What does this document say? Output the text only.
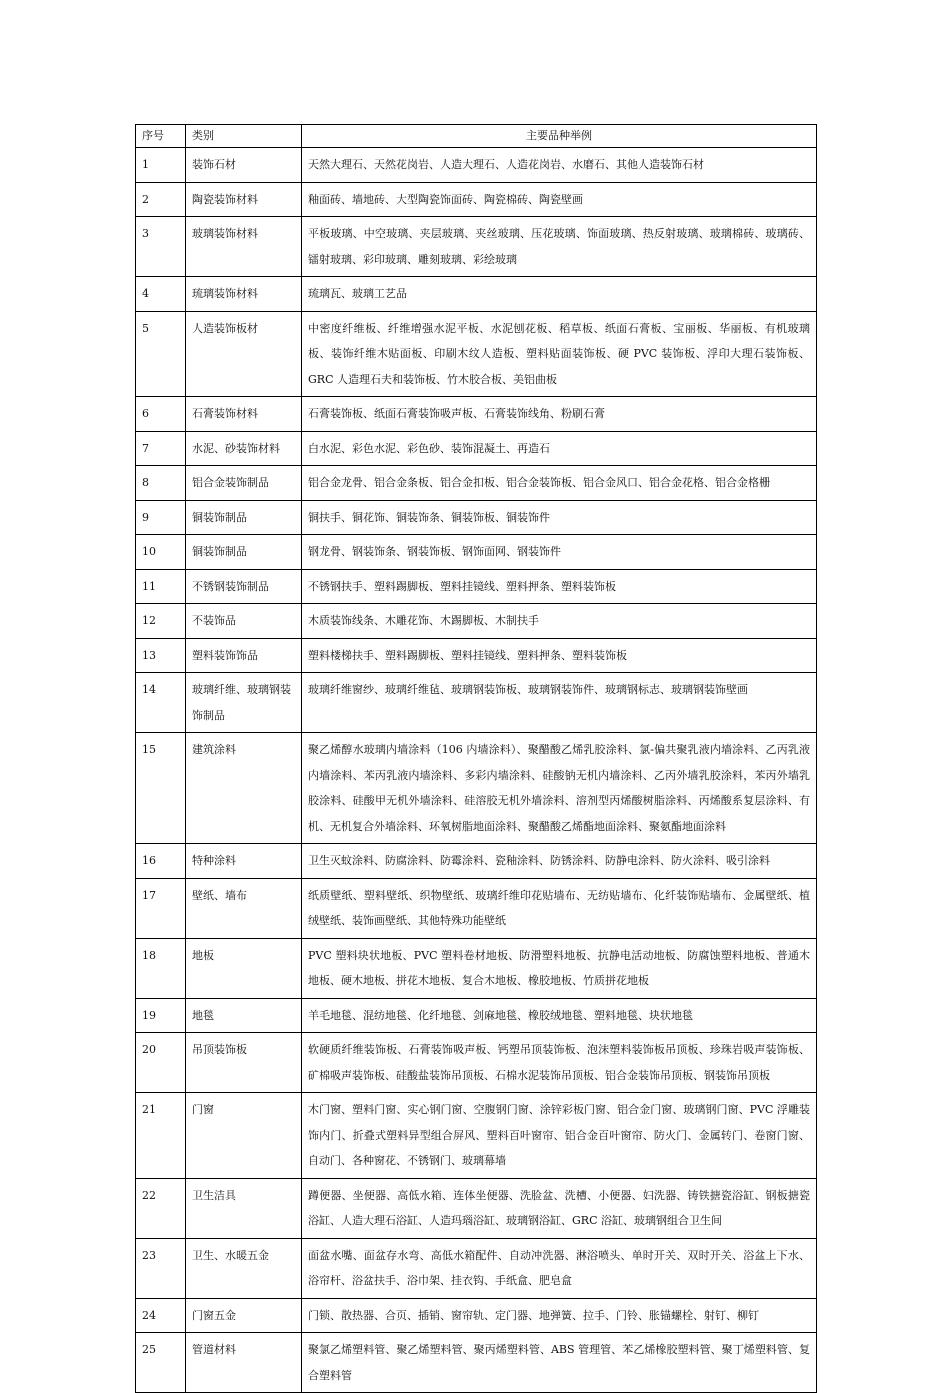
序号	类别	主要品种举例
1	装饰石材	天然大理石、天然花岗岩、人造大理石、人造花岗岩、水磨石、其他人造装饰石材
2	陶瓷装饰材料	釉面砖、墙地砖、大型陶瓷饰面砖、陶瓷棉砖、陶瓷壁画
3	玻璃装饰材料	平板玻璃、中空玻璃、夹层玻璃、夹丝玻璃、压花玻璃、饰面玻璃、热反射玻璃、玻璃棉砖、玻璃砖、镭射玻璃、彩印玻璃、雕刻玻璃、彩绘玻璃
4	琉璃装饰材料	琉璃瓦、玻璃工艺品
5	人造装饰板材	中密度纤维板、纤维增强水泥平板、水泥刨花板、稻草板、纸面石膏板、宝丽板、华丽板、有机玻璃板、装饰纤维木贴面板、印刷木纹人造板、塑料贴面装饰板、硬 PVC 装饰板、浮印大理石装饰板、GRC 人造理石夫和装饰板、竹木胶合板、美铝曲板
6	石膏装饰材料	石膏装饰板、纸面石膏装饰吸声板、石膏装饰线角、粉刷石膏
7	水泥、砂装饰材料	白水泥、彩色水泥、彩色砂、装饰混凝土、再造石
8	铝合金装饰制品	铝合金龙骨、铝合金条板、铝合金扣板、铝合金装饰板、铝合金风口、铝合金花格、铝合金格栅
9	铜装饰制品	铜扶手、铜花饰、铜装饰条、铜装饰板、铜装饰件
10	铜装饰制品	钢龙骨、钢装饰条、钢装饰板、钢饰面网、钢装饰件
11	不锈钢装饰制品	不锈钢扶手、塑料踢脚板、塑料挂镜线、塑料押条、塑料装饰板
12	不装饰品	木质装饰线条、木雕花饰、木踢脚板、木制扶手
13	塑料装饰饰品	塑料楼梯扶手、塑料踢脚板、塑料挂镜线、塑料押条、塑料装饰板
14	玻璃纤维、玻璃钢装饰制品	玻璃纤维窗纱、玻璃纤维毡、玻璃钢装饰板、玻璃钢装饰件、玻璃钢标志、玻璃钢装饰壁画
15	建筑涂料	聚乙烯醇水玻璃内墙涂料（106 内墙涂料）、聚醋酸乙烯乳胶涂料、氯-偏共聚乳液内墙涂料、乙丙乳液内墙涂料、苯丙乳液内墙涂料、多彩内墙涂料、硅酸钠无机内墙涂料、乙丙外墙乳胶涂料，苯丙外墙乳胶涂料、硅酸甲无机外墙涂料、硅溶胶无机外墙涂料、溶剂型丙烯酸树脂涂料、丙烯酸系复层涂料、有机、无机复合外墙涂料、环氧树脂地面涂料、聚醋酸乙烯酯地面涂料、聚氨酯地面涂料
16	特种涂料	卫生灭蚊涂料、防腐涂料、防霉涂料、瓷釉涂料、防锈涂料、防静电涂料、防火涂料、吸引涂料
17	壁纸、墙布	纸质壁纸、塑料壁纸、织物壁纸、玻璃纤维印花贴墙布、无纺贴墙布、化纤装饰贴墙布、金属壁纸、植绒壁纸、装饰画壁纸、其他特殊功能壁纸
18	地板	PVC 塑料块状地板、PVC 塑料卷材地板、防滑塑料地板、抗静电活动地板、防腐蚀塑料地板、普通木地板、硬木地板、拼花木地板、复合木地板、橡胶地板、竹质拼花地板
19	地毯	羊毛地毯、混纺地毯、化纤地毯、剑麻地毯、橡胶绒地毯、塑料地毯、块状地毯
20	吊顶装饰板	软硬质纤维装饰板、石膏装饰吸声板、钙塑吊顶装饰板、泡沫塑料装饰板吊顶板、珍珠岩吸声装饰板、矿棉吸声装饰板、硅酸盐装饰吊顶板、石棉水泥装饰吊顶板、铝合金装饰吊顶板、钢装饰吊顶板
21	门窗	木门窗、塑料门窗、实心钢门窗、空腹钢门窗、涂锌彩板门窗、铝合金门窗、玻璃钢门窗、PVC 浮雕装饰内门、折叠式塑料异型组合屏风、塑料百叶窗帘、铝合金百叶窗帘、防火门、金属转门、卷窗门窗、自动门、各种窗花、不锈钢门、玻璃幕墙
22	卫生洁具	蹲便器、坐便器、高低水箱、连体坐便器、洗脸盆、洗槽、小便器、妇洗器、铸铁搪瓷浴缸、钢板搪瓷浴缸、人造大理石浴缸、人造玛瑙浴缸、玻璃钢浴缸、GRC 浴缸、玻璃钢组合卫生间
23	卫生、水暖五金	面盆水嘴、面盆存水弯、高低水箱配件、自动冲洗器、淋浴喷头、单时开关、双时开关、浴盆上下水、浴帘杆、浴盆扶手、浴巾架、挂衣钩、手纸盒、肥皂盒
24	门窗五金	门锁、散热器、合页、插销、窗帘轨、定门器、地弹簧、拉手、门铃、胀锚螺栓、射钉、柳钉
25	管道材料	聚氯乙烯塑料管、聚乙烯塑料管、聚丙烯塑料管、ABS 管理管、苯乙烯橡胶塑料管、聚丁烯塑料管、复合塑料管
